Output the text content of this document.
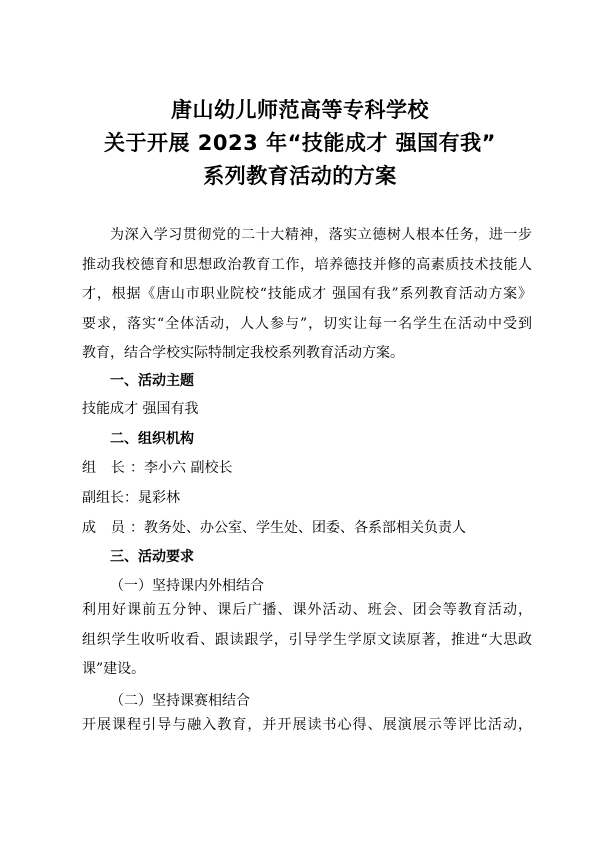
唐山幼儿师范高等专科学校
关于开展 2023 年“技能成才 强国有我”
系列教育活动的方案
为深入学习贯彻党的二十大精神，落实立德树人根本任务，进一步
推动我校德育和思想政治教育工作，培养德技并修的高素质技术技能人
才，根据《唐山市职业院校“技能成才 强国有我”系列教育活动方案》
要求，落实“全体活动，人人参与”，切实让每一名学生在活动中受到
教育，结合学校实际特制定我校系列教育活动方案。
一、活动主题
技能成才 强国有我
二、组织机构
组 长：李小六 副校长
副组长：晁彩林
成 员：教务处、办公室、学生处、团委、各系部相关负责人
三、活动要求
（一）坚持课内外相结合
利用好课前五分钟、课后广播、课外活动、班会、团会等教育活动，
组织学生收听收看、跟读跟学，引导学生学原文读原著，推进“大思政
课”建设。
（二）坚持课赛相结合
开展课程引导与融入教育，并开展读书心得、展演展示等评比活动，
